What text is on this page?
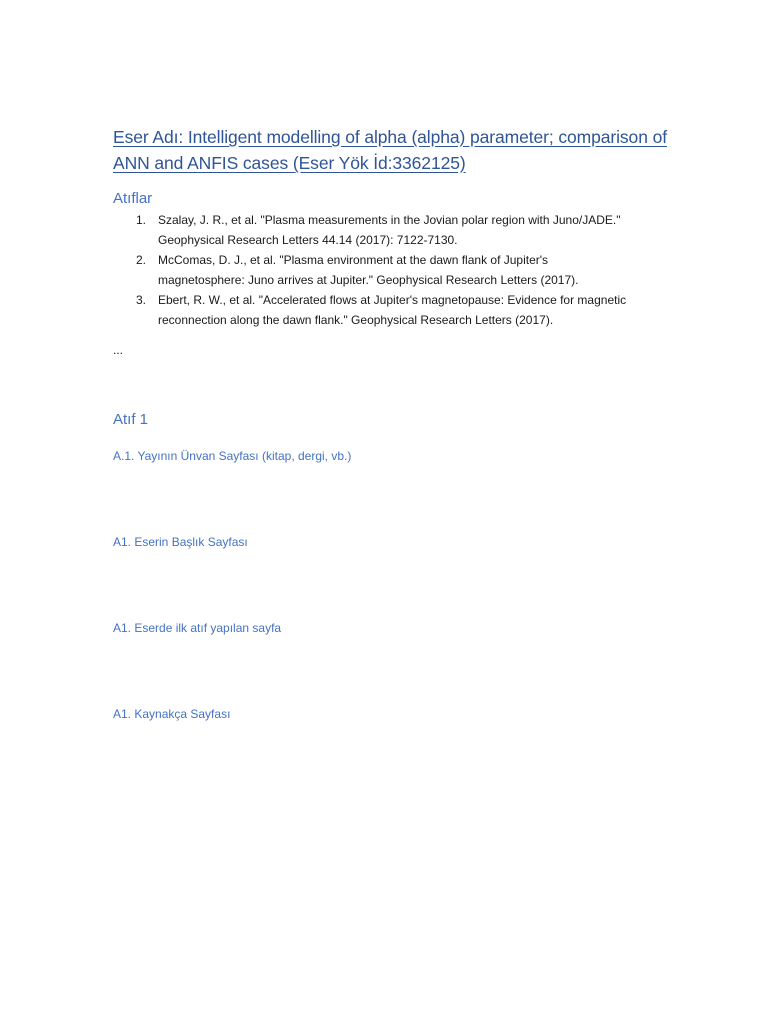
Eser Adı: Intelligent modelling of alpha (alpha) parameter; comparison of ANN and ANFIS cases (Eser Yök İd:3362125)
Atıflar
1. Szalay, J. R., et al. "Plasma measurements in the Jovian polar region with Juno/JADE."
Geophysical Research Letters 44.14 (2017): 7122-7130.
2. McComas, D. J., et al. "Plasma environment at the dawn flank of Jupiter's
magnetosphere: Juno arrives at Jupiter." Geophysical Research Letters (2017).
3. Ebert, R. W., et al. "Accelerated flows at Jupiter's magnetopause: Evidence for magnetic
reconnection along the dawn flank." Geophysical Research Letters (2017).
...
Atıf 1
A.1. Yayının Ünvan Sayfası (kitap, dergi, vb.)
A1. Eserin Başlık Sayfası
A1. Eserde ilk atıf yapılan sayfa
A1. Kaynakça Sayfası
